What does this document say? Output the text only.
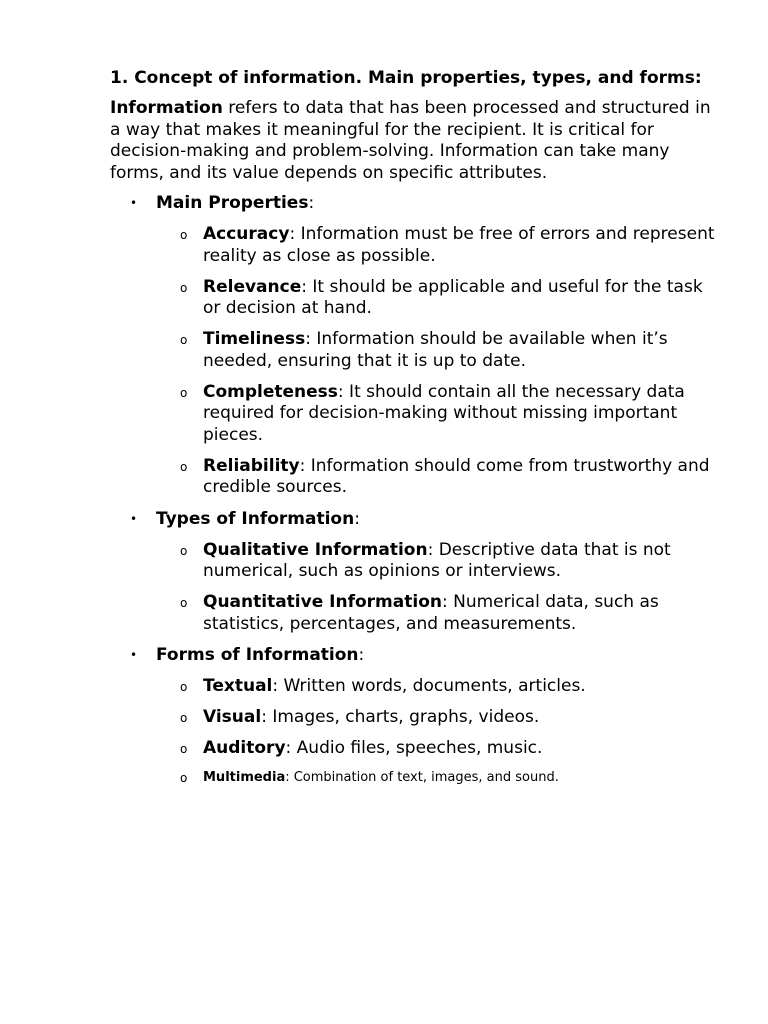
1. Concept of information. Main properties, types, and forms:

Information refers to data that has been processed and structured in a way that makes it meaningful for the recipient. It is critical for decision-making and problem-solving. Information can take many forms, and its value depends on specific attributes.

• Main Properties:
o Accuracy: Information must be free of errors and represent reality as close as possible.
o Relevance: It should be applicable and useful for the task or decision at hand.
o Timeliness: Information should be available when it’s needed, ensuring that it is up to date.
o Completeness: It should contain all the necessary data required for decision-making without missing important pieces.
o Reliability: Information should come from trustworthy and credible sources.
• Types of Information:
o Qualitative Information: Descriptive data that is not numerical, such as opinions or interviews.
o Quantitative Information: Numerical data, such as statistics, percentages, and measurements.
• Forms of Information:
o Textual: Written words, documents, articles.
o Visual: Images, charts, graphs, videos.
o Auditory: Audio files, speeches, music.
o Multimedia: Combination of text, images, and sound.
